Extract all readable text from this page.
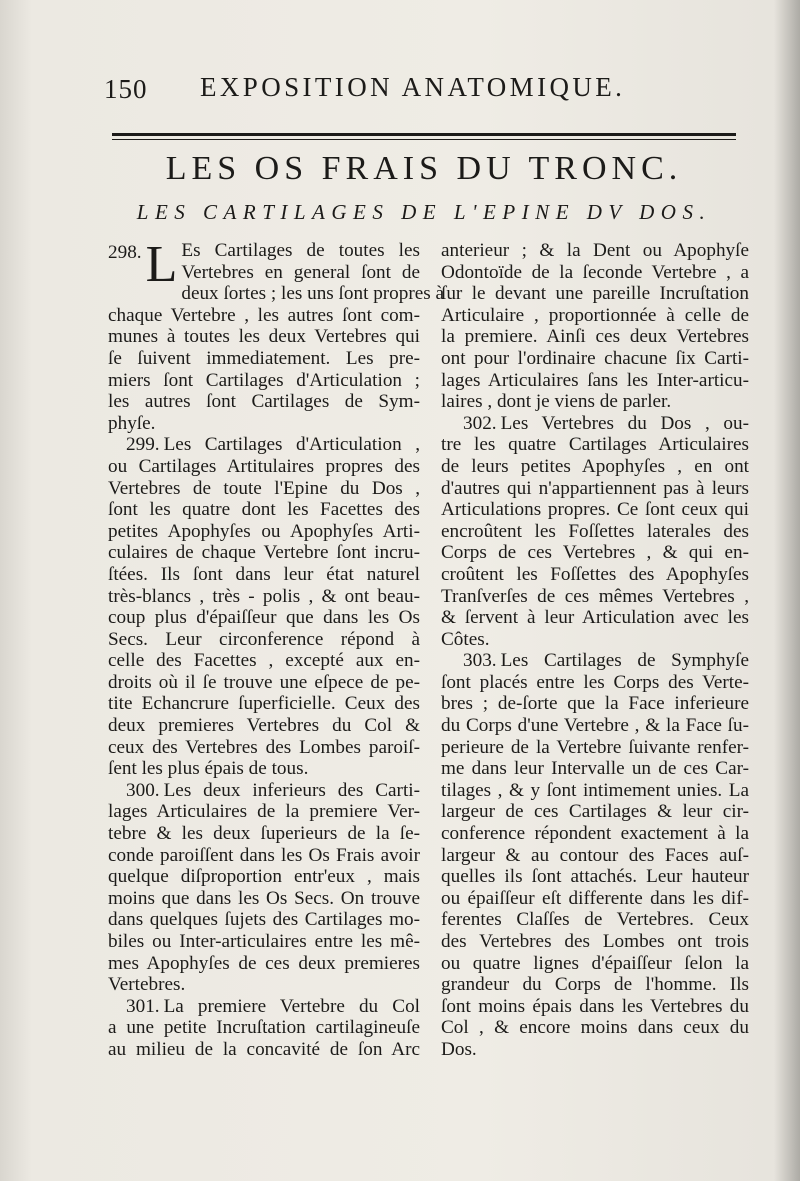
150 EXPOSITION ANATOMIQUE.
LES OS FRAIS DU TRONC.
LES CARTILAGES DE L'EPINE DV DOS.
298. L Es Cartilages de toutes les
Vertebres en general ſont de
deux ſortes ; les uns ſont propres à
chaque Vertebre , les autres ſont com-
munes à toutes les deux Vertebres qui
ſe ſuivent immediatement. Les pre-
miers ſont Cartilages d'Articulation ;
les autres ſont Cartilages de Sym-
phyſe.
299. Les Cartilages d'Articulation ,
ou Cartilages Artitulaires propres des
Vertebres de toute l'Epine du Dos ,
ſont les quatre dont les Facettes des
petites Apophyſes ou Apophyſes Arti-
culaires de chaque Vertebre ſont incru-
ſtées. Ils ſont dans leur état naturel
très-blancs , très - polis , & ont beau-
coup plus d'épaiſſeur que dans les Os
Secs. Leur circonference répond à
celle des Facettes , excepté aux en-
droits où il ſe trouve une eſpece de pe-
tite Echancrure ſuperficielle. Ceux des
deux premieres Vertebres du Col &
ceux des Vertebres des Lombes paroiſ-
ſent les plus épais de tous.
300. Les deux inferieurs des Carti-
lages Articulaires de la premiere Ver-
tebre & les deux ſuperieurs de la ſe-
conde paroiſſent dans les Os Frais avoir
quelque diſproportion entr'eux , mais
moins que dans les Os Secs. On trouve
dans quelques ſujets des Cartilages mo-
biles ou Inter-articulaires entre les mê-
mes Apophyſes de ces deux premieres
Vertebres.
301. La premiere Vertebre du Col
a une petite Incruſtation cartilagineuſe
au milieu de la concavité de ſon Arc
anterieur ; & la Dent ou Apophyſe
Odontoïde de la ſeconde Vertebre , a
ſur le devant une pareille Incruſtation
Articulaire , proportionnée à celle de
la premiere. Ainſi ces deux Vertebres
ont pour l'ordinaire chacune ſix Carti-
lages Articulaires ſans les Inter-articu-
laires , dont je viens de parler.
302. Les Vertebres du Dos , ou-
tre les quatre Cartilages Articulaires
de leurs petites Apophyſes , en ont
d'autres qui n'appartiennent pas à leurs
Articulations propres. Ce ſont ceux qui
encroûtent les Foſſettes laterales des
Corps de ces Vertebres , & qui en-
croûtent les Foſſettes des Apophyſes
Tranſverſes de ces mêmes Vertebres ,
& ſervent à leur Articulation avec les
Côtes.
303. Les Cartilages de Symphyſe
ſont placés entre les Corps des Verte-
bres ; de-ſorte que la Face inferieure
du Corps d'une Vertebre , & la Face ſu-
perieure de la Vertebre ſuivante renfer-
me dans leur Intervalle un de ces Car-
tilages , & y ſont intimement unies. La
largeur de ces Cartilages & leur cir-
conference répondent exactement à la
largeur & au contour des Faces auſ-
quelles ils ſont attachés. Leur hauteur
ou épaiſſeur eſt differente dans les dif-
ferentes Claſſes de Vertebres. Ceux
des Vertebres des Lombes ont trois
ou quatre lignes d'épaiſſeur ſelon la
grandeur du Corps de l'homme. Ils
ſont moins épais dans les Vertebres du
Col , & encore moins dans ceux du
Dos.
